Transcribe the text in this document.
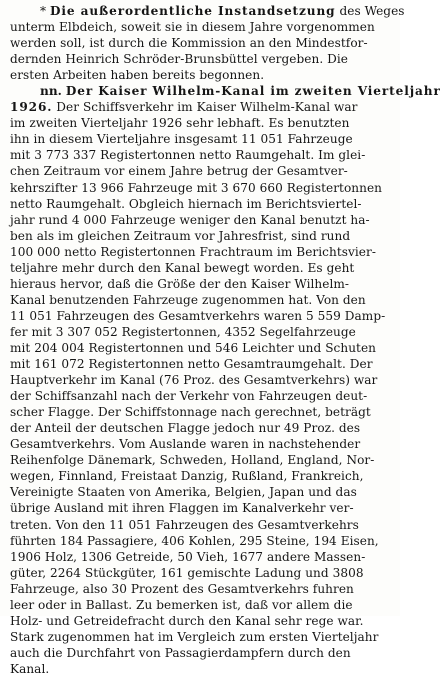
* Die außerordentliche Instandsetzung des Weges
unterm Elbdeich, soweit sie in diesem Jahre vorgenommen
werden soll, ist durch die Kommission an den Mindestfor-
dernden Heinrich Schröder-Brunsbüttel vergeben. Die
ersten Arbeiten haben bereits begonnen.
nn. Der Kaiser Wilhelm-Kanal im zweiten Vierteljahr
1926. Der Schiffsverkehr im Kaiser Wilhelm-Kanal war
im zweiten Vierteljahr 1926 sehr lebhaft. Es benutzten
ihn in diesem Vierteljahre insgesamt 11 051 Fahrzeuge
mit 3 773 337 Registertonnen netto Raumgehalt. Im glei-
chen Zeitraum vor einem Jahre betrug der Gesamtver-
kehrszifter 13 966 Fahrzeuge mit 3 670 660 Registertonnen
netto Raumgehalt. Obgleich hiernach im Berichtsviertel-
jahr rund 4 000 Fahrzeuge weniger den Kanal benutzt ha-
ben als im gleichen Zeitraum vor Jahresfrist, sind rund
100 000 netto Registertonnen Frachtraum im Berichtsvier-
teljahre mehr durch den Kanal bewegt worden. Es geht
hieraus hervor, daß die Größe der den Kaiser Wilhelm-
Kanal benutzenden Fahrzeuge zugenommen hat. Von den
11 051 Fahrzeugen des Gesamtverkehrs waren 5 559 Damp-
fer mit 3 307 052 Registertonnen, 4352 Segelfahrzeuge
mit 204 004 Registertonnen und 546 Leichter und Schuten
mit 161 072 Registertonnen netto Gesamtraumgehalt. Der
Hauptverkehr im Kanal (76 Proz. des Gesamtverkehrs) war
der Schiffsanzahl nach der Verkehr von Fahrzeugen deut-
scher Flagge. Der Schiffstonnage nach gerechnet, beträgt
der Anteil der deutschen Flagge jedoch nur 49 Proz. des
Gesamtverkehrs. Vom Auslande waren in nachstehender
Reihenfolge Dänemark, Schweden, Holland, England, Nor-
wegen, Finnland, Freistaat Danzig, Rußland, Frankreich,
Vereinigte Staaten von Amerika, Belgien, Japan und das
übrige Ausland mit ihren Flaggen im Kanalverkehr ver-
treten. Von den 11 051 Fahrzeugen des Gesamtverkehrs
führten 184 Passagiere, 406 Kohlen, 295 Steine, 194 Eisen,
1906 Holz, 1306 Getreide, 50 Vieh, 1677 andere Massen-
güter, 2264 Stückgüter, 161 gemischte Ladung und 3808
Fahrzeuge, also 30 Prozent des Gesamtverkehrs fuhren
leer oder in Ballast. Zu bemerken ist, daß vor allem die
Holz- und Getreidefracht durch den Kanal sehr rege war.
Stark zugenommen hat im Vergleich zum ersten Vierteljahr
auch die Durchfahrt von Passagierdampfern durch den
Kanal.
